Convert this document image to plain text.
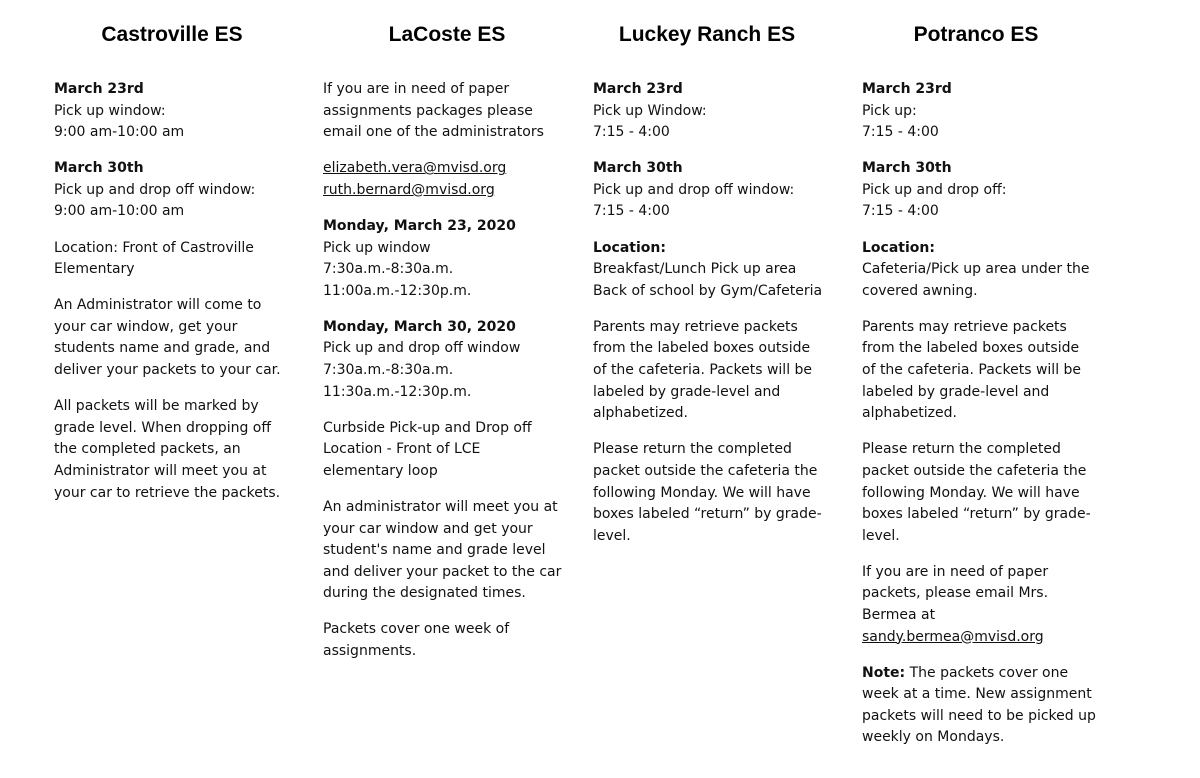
Castroville ES

March 23rd
Pick up window:
9:00 am-10:00 am

March 30th
Pick up and drop off window:
9:00 am-10:00 am

Location: Front of Castroville
Elementary

An Administrator will come to
your car window, get your
students name and grade, and
deliver your packets to your car.

All packets will be marked by
grade level. When dropping off
the completed packets, an
Administrator will meet you at
your car to retrieve the packets.

LaCoste ES

If you are in need of paper
assignments packages please
email one of the administrators

elizabeth.vera@mvisd.org
ruth.bernard@mvisd.org

Monday, March 23, 2020
Pick up window
7:30a.m.-8:30a.m.
11:00a.m.-12:30p.m.

Monday, March 30, 2020
Pick up and drop off window
7:30a.m.-8:30a.m.
11:30a.m.-12:30p.m.

Curbside Pick-up and Drop off
Location - Front of LCE
elementary loop

An administrator will meet you at
your car window and get your
student's name and grade level
and deliver your packet to the car
during the designated times.

Packets cover one week of
assignments.

Luckey Ranch ES

March 23rd
Pick up Window:
7:15 - 4:00

March 30th
Pick up and drop off window:
7:15 - 4:00

Location:
Breakfast/Lunch Pick up area
Back of school by Gym/Cafeteria

Parents may retrieve packets
from the labeled boxes outside
of the cafeteria. Packets will be
labeled by grade-level and
alphabetized.

Please return the completed
packet outside the cafeteria the
following Monday. We will have
boxes labeled “return” by grade-
level.

Potranco ES

March 23rd
Pick up:
7:15 - 4:00

March 30th
Pick up and drop off:
7:15 - 4:00

Location:
Cafeteria/Pick up area under the
covered awning.

Parents may retrieve packets
from the labeled boxes outside
of the cafeteria. Packets will be
labeled by grade-level and
alphabetized.

Please return the completed
packet outside the cafeteria the
following Monday. We will have
boxes labeled “return” by grade-
level.

If you are in need of paper
packets, please email Mrs.
Bermea at
sandy.bermea@mvisd.org

Note: The packets cover one
week at a time. New assignment
packets will need to be picked up
weekly on Mondays.
